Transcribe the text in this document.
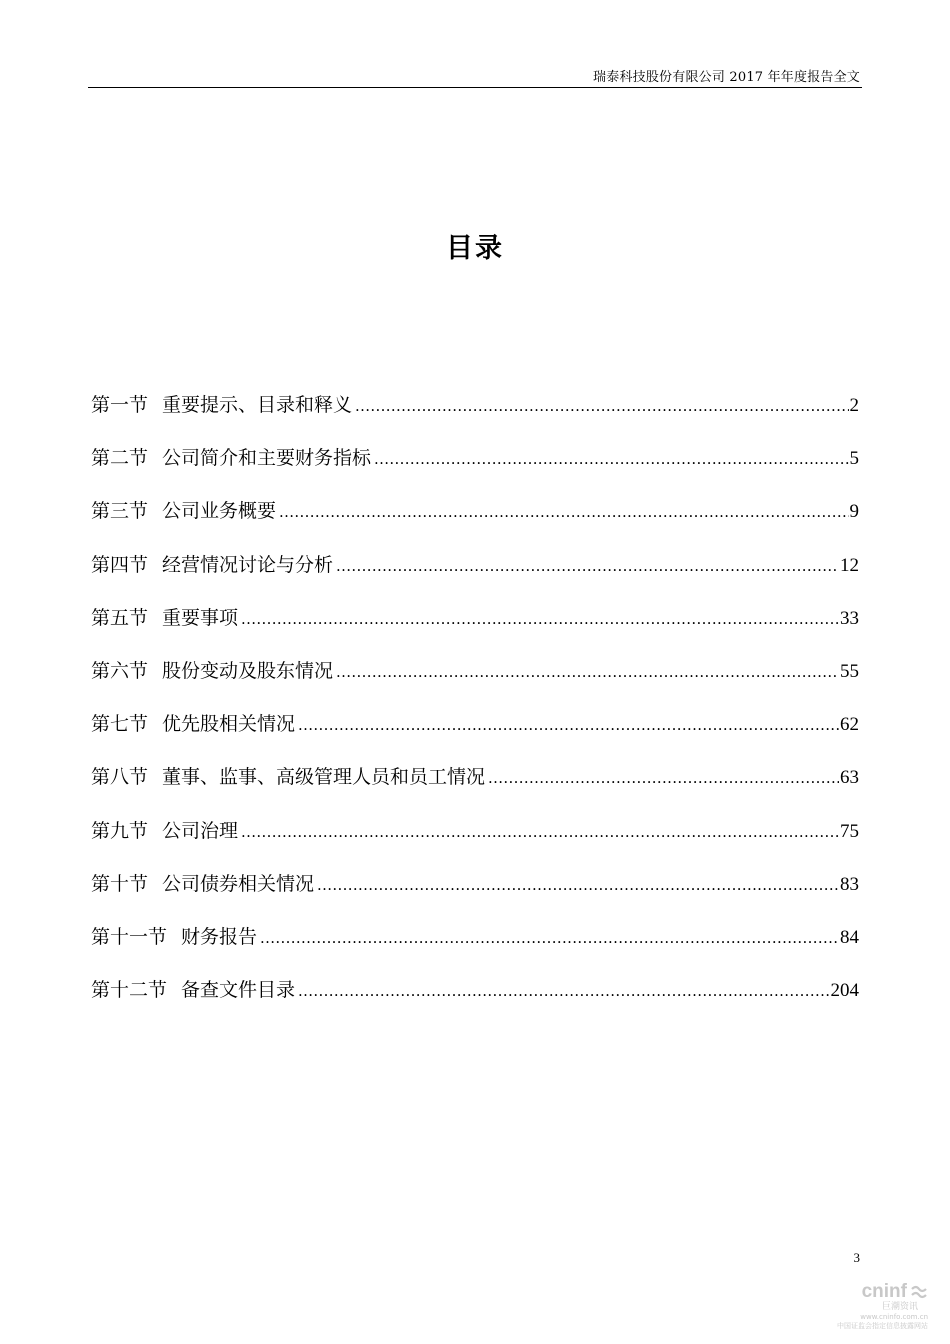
瑞泰科技股份有限公司 2017 年年度报告全文
目录
第一节 重要提示、目录和释义 .....	2
第二节 公司简介和主要财务指标 .....	5
第三节 公司业务概要 .....	9
第四节 经营情况讨论与分析 .....	12
第五节 重要事项 .....	33
第六节 股份变动及股东情况 .....	55
第七节 优先股相关情况 .....	62
第八节 董事、监事、高级管理人员和员工情况 .....	63
第九节 公司治理 .....	75
第十节 公司债券相关情况 .....	83
第十一节 财务报告 .....	84
第十二节 备查文件目录 .....	204
3
cninf
巨潮资讯
www.cninfo.com.cn
中国证监会指定信息披露网站
